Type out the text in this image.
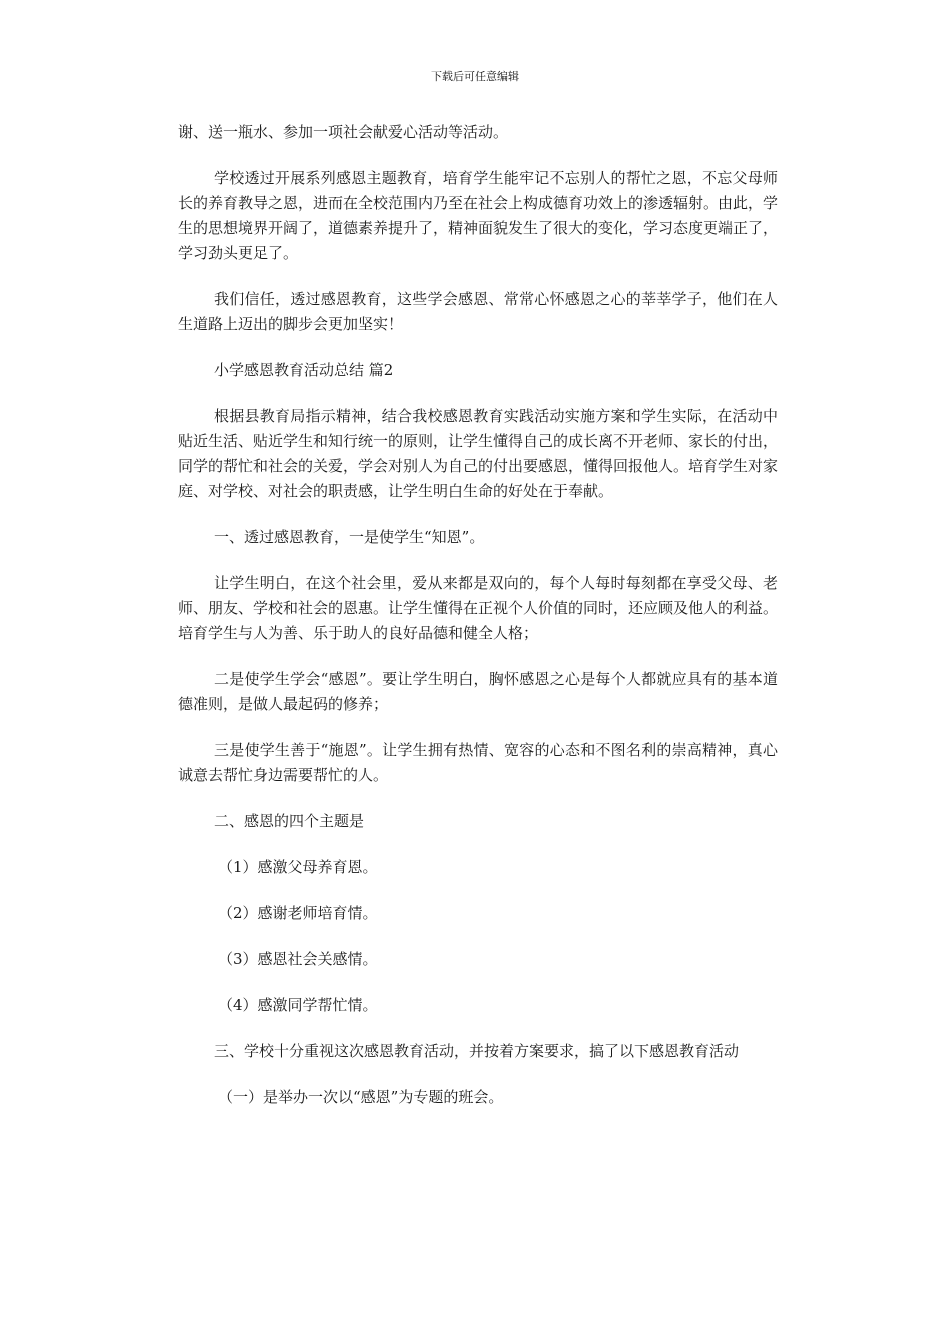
下载后可任意编辑

谢、送一瓶水、参加一项社会献爱心活动等活动。

学校透过开展系列感恩主题教育，培育学生能牢记不忘别人的帮忙之恩，不忘父母师长的养育教导之恩，进而在全校范围内乃至在社会上构成德育功效上的渗透辐射。由此，学生的思想境界开阔了，道德素养提升了，精神面貌发生了很大的变化，学习态度更端正了，学习劲头更足了。

我们信任，透过感恩教育，这些学会感恩、常常心怀感恩之心的莘莘学子，他们在人生道路上迈出的脚步会更加坚实！

小学感恩教育活动总结 篇2

根据县教育局指示精神，结合我校感恩教育实践活动实施方案和学生实际，在活动中贴近生活、贴近学生和知行统一的原则，让学生懂得自己的成长离不开老师、家长的付出，同学的帮忙和社会的关爱，学会对别人为自己的付出要感恩，懂得回报他人。培育学生对家庭、对学校、对社会的职责感，让学生明白生命的好处在于奉献。

一、透过感恩教育，一是使学生“知恩”。

让学生明白，在这个社会里，爱从来都是双向的，每个人每时每刻都在享受父母、老师、朋友、学校和社会的恩惠。让学生懂得在正视个人价值的同时，还应顾及他人的利益。培育学生与人为善、乐于助人的良好品德和健全人格；

二是使学生学会“感恩”。要让学生明白，胸怀感恩之心是每个人都就应具有的基本道德准则，是做人最起码的修养；

三是使学生善于“施恩”。让学生拥有热情、宽容的心态和不图名利的崇高精神，真心诚意去帮忙身边需要帮忙的人。

二、感恩的四个主题是

（1）感激父母养育恩。

（2）感谢老师培育情。

（3）感恩社会关感情。

（4）感激同学帮忙情。

三、学校十分重视这次感恩教育活动，并按着方案要求，搞了以下感恩教育活动

（一）是举办一次以“感恩”为专题的班会。
